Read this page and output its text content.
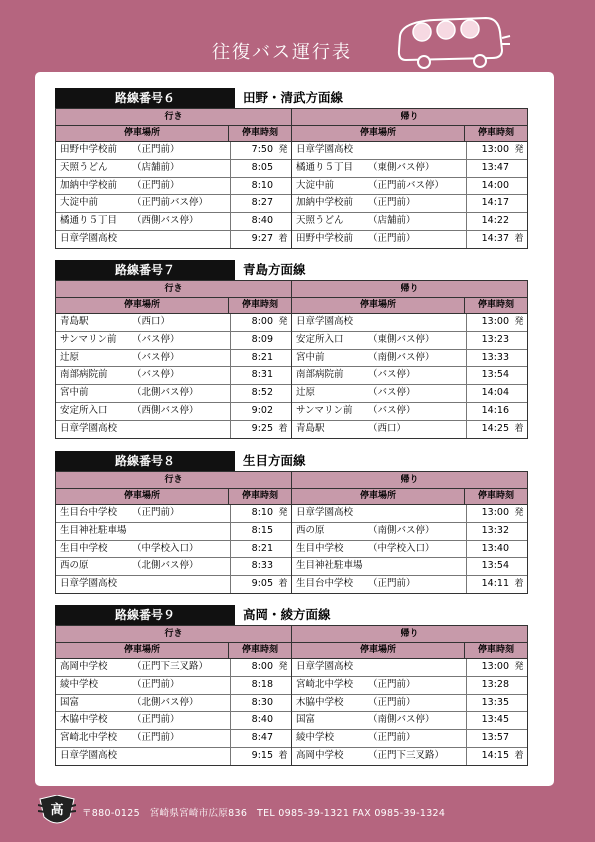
往復バス運行表
路線番号６	田野・清武方面線
行き
停車場所	停車時刻
田野中学校前	（正門前）	7:50 発
天照うどん	（店舗前）	8:05
加納中学校前	（正門前）	8:10
大淀中前	（正門前バス停）	8:27
橘通り５丁目	（西側バス停）	8:40
日章学園高校	9:27 着
帰り
停車場所	停車時刻
日章学園高校	13:00 発
橘通り５丁目	（東側バス停）	13:47
大淀中前	（正門前バス停）	14:00
加納中学校前	（正門前）	14:17
天照うどん	（店舗前）	14:22
田野中学校前	（正門前）	14:37 着
路線番号７	青島方面線
行き
停車場所	停車時刻
青島駅	（西口）	8:00 発
サンマリン前	（バス停）	8:09
辻原	（バス停）	8:21
南部病院前	（バス停）	8:31
宮中前	（北側バス停）	8:52
安定所入口	（西側バス停）	9:02
日章学園高校	9:25 着
帰り
停車場所	停車時刻
日章学園高校	13:00 発
安定所入口	（東側バス停）	13:23
宮中前	（南側バス停）	13:33
南部病院前	（バス停）	13:54
辻原	（バス停）	14:04
サンマリン前	（バス停）	14:16
青島駅	（西口）	14:25 着
路線番号８	生目方面線
行き
停車場所	停車時刻
生目台中学校	（正門前）	8:10 発
生目神社駐車場	8:15
生目中学校	（中学校入口）	8:21
西の原	（北側バス停）	8:33
日章学園高校	9:05 着
帰り
停車場所	停車時刻
日章学園高校	13:00 発
西の原	（南側バス停）	13:32
生目中学校	（中学校入口）	13:40
生目神社駐車場	13:54
生目台中学校	（正門前）	14:11 着
路線番号９	高岡・綾方面線
行き
停車場所	停車時刻
高岡中学校	（正門下三叉路）	8:00 発
綾中学校	（正門前）	8:18
国富	（北側バス停）	8:30
木脇中学校	（正門前）	8:40
宮崎北中学校	（正門前）	8:47
日章学園高校	9:15 着
帰り
停車場所	停車時刻
日章学園高校	13:00 発
宮崎北中学校	（正門前）	13:28
木脇中学校	（正門前）	13:35
国富	（南側バス停）	13:45
綾中学校	（正門前）	13:57
高岡中学校	（正門下三叉路）	14:15 着
高 〒880-0125　宮崎県宮崎市広原836　TEL 0985-39-1321 FAX 0985-39-1324
